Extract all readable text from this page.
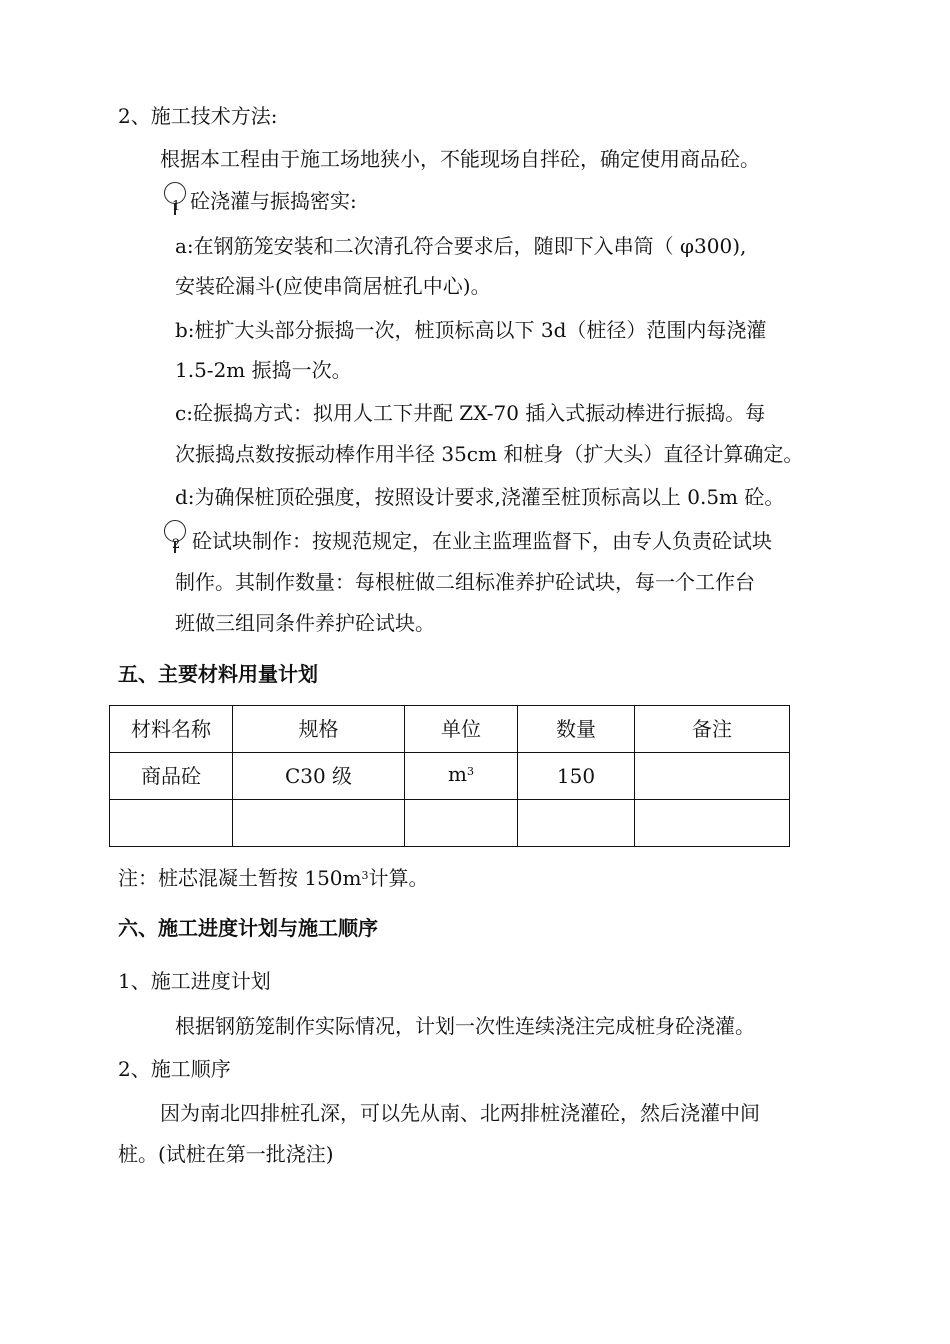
2、施工技术方法:
根据本工程由于施工场地狭小，不能现场自拌砼，确定使用商品砼。
1 砼浇灌与振捣密实:
a:在钢筋笼安装和二次清孔符合要求后，随即下入串筒（ φ300),
安装砼漏斗(应使串筒居桩孔中心)。
b:桩扩大头部分振捣一次，桩顶标高以下 3d（桩径）范围内每浇灌
1.5-2m 振捣一次。
c:砼振捣方式：拟用人工下井配 ZX-70 插入式振动棒进行振捣。每
次振捣点数按振动棒作用半径 35cm 和桩身（扩大头）直径计算确定。
d:为确保桩顶砼强度，按照设计要求,浇灌至桩顶标高以上 0.5m 砼。
2 砼试块制作：按规范规定，在业主监理监督下，由专人负责砼试块
制作。其制作数量：每根桩做二组标准养护砼试块，每一个工作台
班做三组同条件养护砼试块。
五、主要材料用量计划
材料名称	规格	单位	数量	备注
商品砼	C30 级	$m^3$	150	

注：桩芯混凝土暂按 $150m^3$计算。
六、施工进度计划与施工顺序
1、施工进度计划
根据钢筋笼制作实际情况，计划一次性连续浇注完成桩身砼浇灌。
2、施工顺序
因为南北四排桩孔深，可以先从南、北两排桩浇灌砼，然后浇灌中间
桩。(试桩在第一批浇注)
